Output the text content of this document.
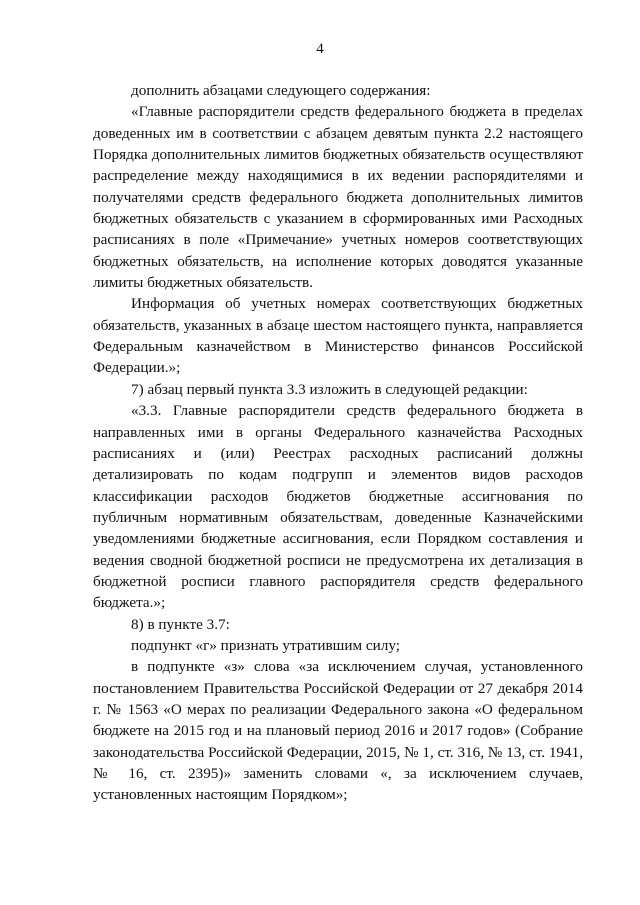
4

дополнить абзацами следующего содержания:

«Главные распорядители средств федерального бюджета в пределах доведенных им в соответствии с абзацем девятым пункта 2.2 настоящего Порядка дополнительных лимитов бюджетных обязательств осуществляют распределение между находящимися в их ведении распорядителями и получателями средств федерального бюджета дополнительных лимитов бюджетных обязательств с указанием в сформированных ими Расходных расписаниях в поле «Примечание» учетных номеров соответствующих бюджетных обязательств, на исполнение которых доводятся указанные лимиты бюджетных обязательств.

Информация об учетных номерах соответствующих бюджетных обязательств, указанных в абзаце шестом настоящего пункта, направляется Федеральным казначейством в Министерство финансов Российской Федерации.»;

7) абзац первый пункта 3.3 изложить в следующей редакции:

«3.3. Главные распорядители средств федерального бюджета в направленных ими в органы Федерального казначейства Расходных расписаниях и (или) Реестрах расходных расписаний должны детализировать по кодам подгрупп и элементов видов расходов классификации расходов бюджетов бюджетные ассигнования по публичным нормативным обязательствам, доведенные Казначейскими уведомлениями бюджетные ассигнования, если Порядком составления и ведения сводной бюджетной росписи не предусмотрена их детализация в бюджетной росписи главного распорядителя средств федерального бюджета.»;

8) в пункте 3.7:

подпункт «г» признать утратившим силу;

в подпункте «з» слова «за исключением случая, установленного постановлением Правительства Российской Федерации от 27 декабря 2014 г. № 1563 «О мерах по реализации Федерального закона «О федеральном бюджете на 2015 год и на плановый период 2016 и 2017 годов» (Собрание законодательства Российской Федерации, 2015, № 1, ст. 316, № 13, ст. 1941, № 16, ст. 2395)» заменить словами «, за исключением случаев, установленных настоящим Порядком»;
